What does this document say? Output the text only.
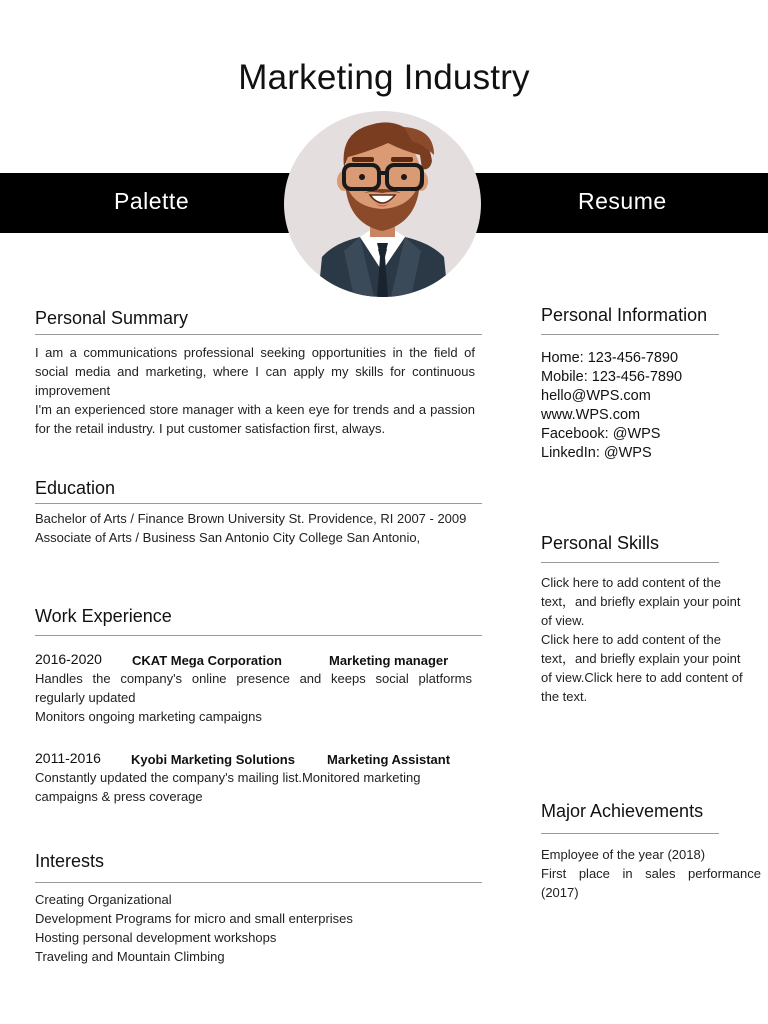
Marketing Industry
Palette	Resume
Personal Summary
I am a communications professional seeking opportunities in the field of social media and marketing, where I can apply my skills for continuous improvement
I'm an experienced store manager with a keen eye for trends and a passion for the retail industry. I put customer satisfaction first, always.
Education
Bachelor of Arts / Finance Brown University St. Providence, RI 2007 - 2009
Associate of Arts / Business San Antonio City College San Antonio,
Work Experience
2016-2020 CKAT Mega Corporation	Marketing manager
Handles the company's online presence and keeps social platforms regularly updated
Monitors ongoing marketing campaigns
2011-2016 Kyobi Marketing Solutions Marketing Assistant
Constantly updated the company's mailing list.Monitored marketing campaigns & press coverage
Interests
Creating Organizational
Development Programs for micro and small enterprises
Hosting personal development workshops
Traveling and Mountain Climbing
Personal Information
Home: 123-456-7890
Mobile: 123-456-7890
hello@WPS.com
www.WPS.com
Facebook: @WPS
LinkedIn: @WPS
Personal Skills
Click here to add content of the text，and briefly explain your point of view.
Click here to add content of the text，and briefly explain your point of view.Click here to add content of the text.
Major Achievements
Employee of the year (2018)
First place in sales performance (2017)
